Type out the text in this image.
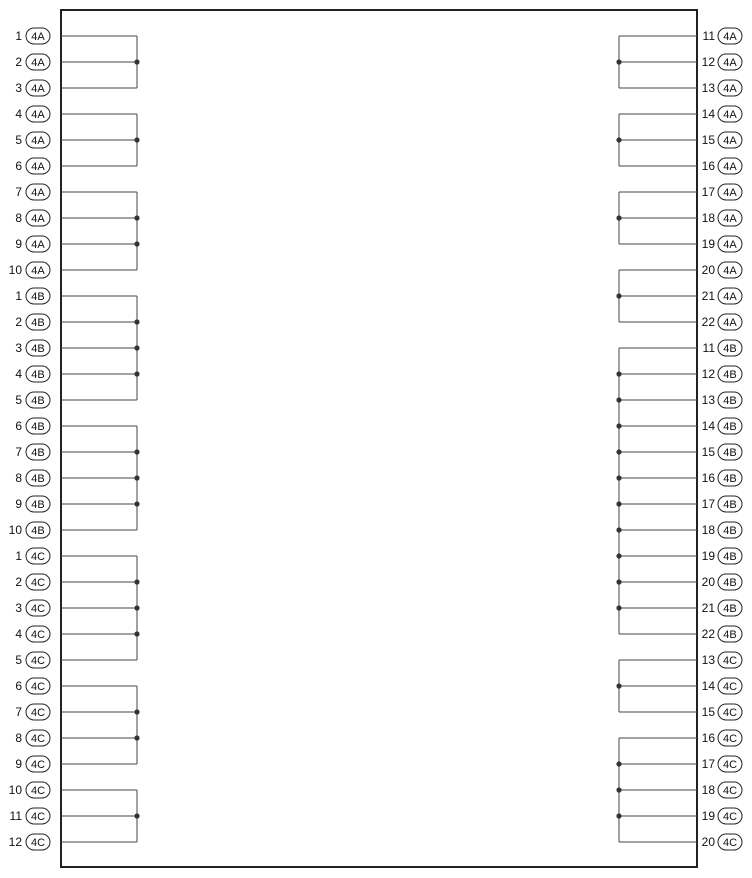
1 4A
2 4A
3 4A
4 4A
5 4A
6 4A
7 4A
8 4A
9 4A
10 4A
1 4B
2 4B
3 4B
4 4B
5 4B
6 4B
7 4B
8 4B
9 4B
10 4B
1 4C
2 4C
3 4C
4 4C
5 4C
6 4C
7 4C
8 4C
9 4C
10 4C
11 4C
12 4C
11 4A
12 4A
13 4A
14 4A
15 4A
16 4A
17 4A
18 4A
19 4A
20 4A
21 4A
22 4A
11 4B
12 4B
13 4B
14 4B
15 4B
16 4B
17 4B
18 4B
19 4B
20 4B
21 4B
22 4B
13 4C
14 4C
15 4C
16 4C
17 4C
18 4C
19 4C
20 4C
